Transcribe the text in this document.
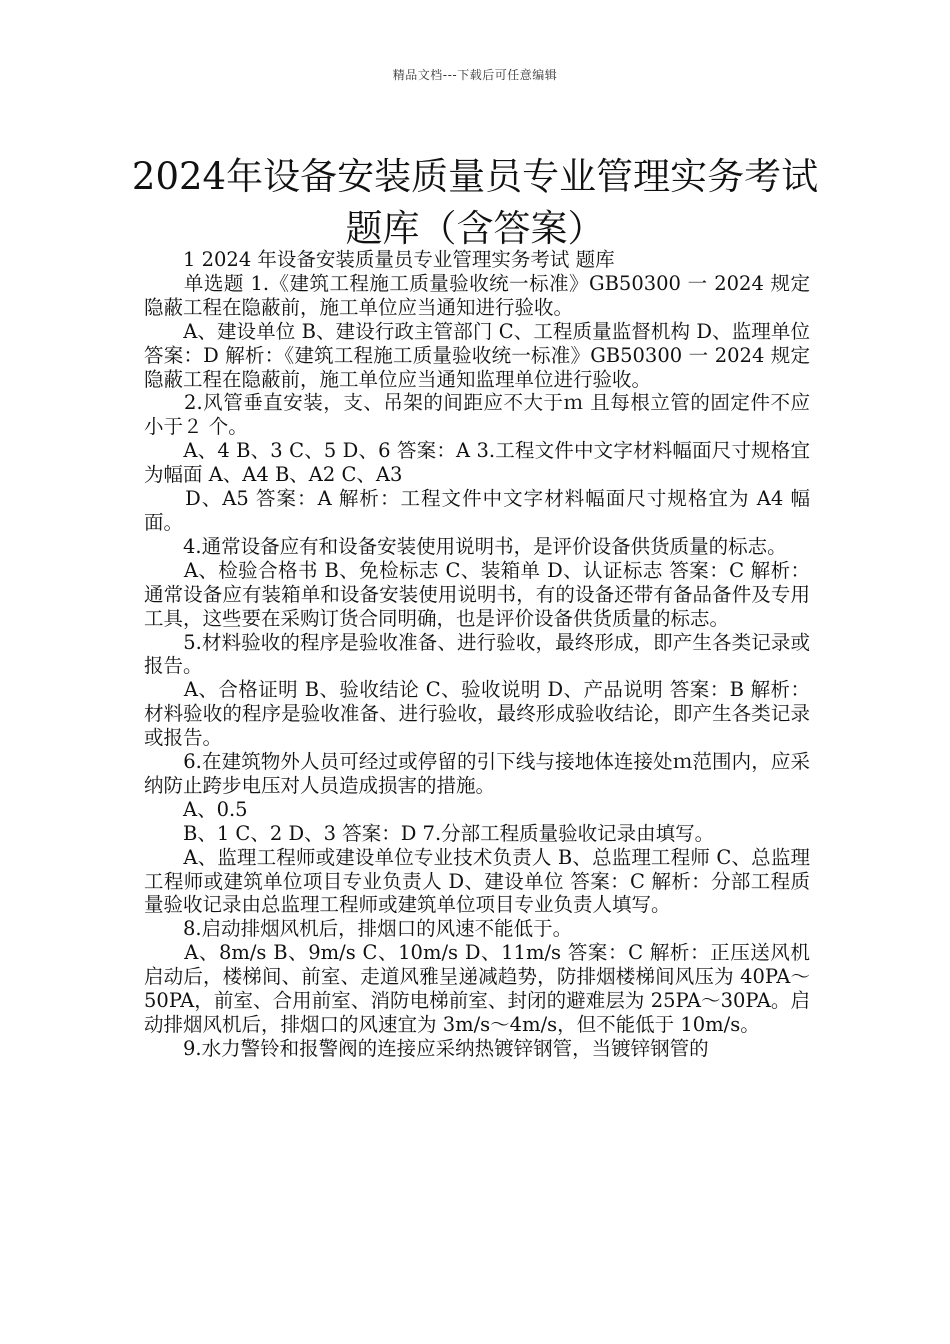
精品文档---下载后可任意编辑
2024年设备安装质量员专业管理实务考试
题库（含答案）

　　1 2024 年设备安装质量员专业管理实务考试 题库

　　单选题 1.《建筑工程施工质量验收统一标准》GB50300 一 2024 规定隐蔽工程在隐蔽前，施工单位应当通知进行验收。

　　A、建设单位 B、建设行政主管部门 C、工程质量监督机构 D、监理单位 答案：D 解析：《建筑工程施工质量验收统一标准》GB50300 一 2024 规定隐蔽工程在隐蔽前，施工单位应当通知监理单位进行验收。

　　2.风管垂直安装，支、吊架的间距应不大于ｍ 且每根立管的固定件不应小于２ 个。

　　A、4 B、3 C、5 D、6 答案：A 3.工程文件中文字材料幅面尺寸规格宜为幅面 A、A4 B、A2 C、A3

　　D、A5 答案：A 解析：工程文件中文字材料幅面尺寸规格宜为 A4 幅面。

　　4.通常设备应有和设备安装使用说明书，是评价设备供货质量的标志。

　　A、检验合格书 B、免检标志 C、装箱单 D、认证标志 答案：C 解析：通常设备应有装箱单和设备安装使用说明书，有的设备还带有备品备件及专用工具，这些要在采购订货合同明确，也是评价设备供货质量的标志。

　　5.材料验收的程序是验收准备、进行验收，最终形成，即产生各类记录或报告。

　　A、合格证明 B、验收结论 C、验收说明 D、产品说明 答案：B 解析：材料验收的程序是验收准备、进行验收，最终形成验收结论，即产生各类记录或报告。

　　6.在建筑物外人员可经过或停留的引下线与接地体连接处ｍ范围内，应采纳防止跨步电压对人员造成损害的措施。

　　A、0.5

　　B、1 C、2 D、3 答案：D 7.分部工程质量验收记录由填写。

　　A、监理工程师或建设单位专业技术负责人 B、总监理工程师 C、总监理工程师或建筑单位项目专业负责人 D、建设单位 答案：C 解析：分部工程质量验收记录由总监理工程师或建筑单位项目专业负责人填写。

　　8.启动排烟风机后，排烟口的风速不能低于。

　　A、8m/s B、9m/s C、10m/s D、11m/s 答案：C 解析：正压送风机启动后，楼梯间、前室、走道风雅呈递减趋势，防排烟楼梯间风压为 40PA～50PA，前室、合用前室、消防电梯前室、封闭的避难层为 25PA～30PA。启动排烟风机后，排烟口的风速宜为 3m/s～4m/s，但不能低于 10m/s。

　　9.水力警铃和报警阀的连接应采纳热镀锌钢管，当镀锌钢管的
